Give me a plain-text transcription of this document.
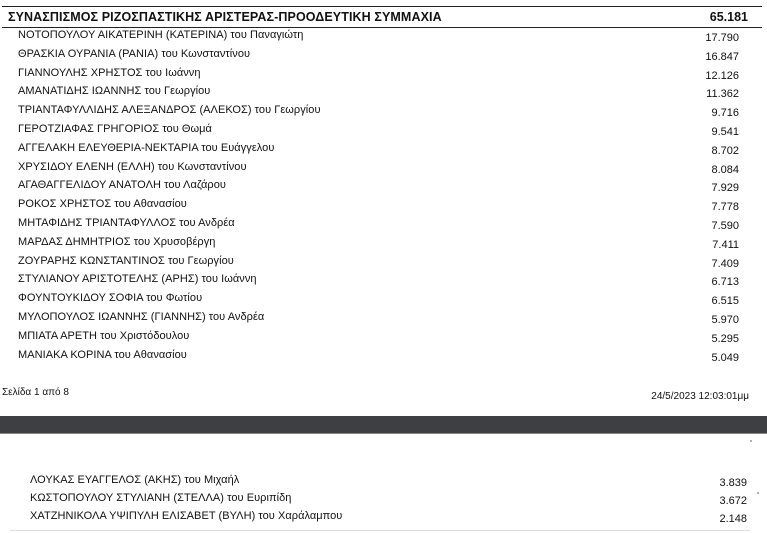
ΣΥΝΑΣΠΙΣΜΟΣ ΡΙΖΟΣΠΑΣΤΙΚΗΣ ΑΡΙΣΤΕΡΑΣ-ΠΡΟΟΔΕΥΤΙΚΗ ΣΥΜΜΑΧΙΑ	65.181
ΝΟΤΟΠΟΥΛΟΥ ΑΙΚΑΤΕΡΙΝΗ (ΚΑΤΕΡΙΝΑ) του Παναγιώτη	17.790
ΘΡΑΣΚΙΑ ΟΥΡΑΝΙΑ (ΡΑΝΙΑ) του Κωνσταντίνου	16.847
ΓΙΑΝΝΟΥΛΗΣ ΧΡΗΣΤΟΣ του Ιωάννη	12.126
ΑΜΑΝΑΤΙΔΗΣ ΙΩΑΝΝΗΣ του Γεωργίου	11.362
ΤΡΙΑΝΤΑΦΥΛΛΙΔΗΣ ΑΛΕΞΑΝΔΡΟΣ (ΑΛΕΚΟΣ) του Γεωργίου	9.716
ΓΕΡΟΤΖΙΑΦΑΣ ΓΡΗΓΟΡΙΟΣ του Θωμά	9.541
ΑΓΓΕΛΑΚΗ ΕΛΕΥΘΕΡΙΑ-ΝΕΚΤΑΡΙΑ του Ευάγγελου	8.702
ΧΡΥΣΙΔΟΥ ΕΛΕΝΗ (ΕΛΛΗ) του Κωνσταντίνου	8.084
ΑΓΑΘΑΓΓΕΛΙΔΟΥ ΑΝΑΤΟΛΗ του Λαζάρου	7.929
ΡΟΚΟΣ ΧΡΗΣΤΟΣ του Αθανασίου	7.778
ΜΗΤΑΦΙΔΗΣ ΤΡΙΑΝΤΑΦΥΛΛΟΣ του Ανδρέα	7.590
ΜΑΡΔΑΣ ΔΗΜΗΤΡΙΟΣ του Χρυσοβέργη	7.411
ΖΟΥΡΑΡΗΣ ΚΩΝΣΤΑΝΤΙΝΟΣ του Γεωργίου	7.409
ΣΤΥΛΙΑΝΟΥ ΑΡΙΣΤΟΤΕΛΗΣ (ΑΡΗΣ) του Ιωάννη	6.713
ΦΟΥΝΤΟΥΚΙΔΟΥ ΣΟΦΙΑ του Φωτίου	6.515
ΜΥΛΟΠΟΥΛΟΣ ΙΩΑΝΝΗΣ (ΓΙΑΝΝΗΣ) του Ανδρέα	5.970
ΜΠΙΑΤΑ ΑΡΕΤΗ του Χριστόδουλου	5.295
ΜΑΝΙΑΚΑ ΚΟΡΙΝΑ του Αθανασίου	5.049
Σελίδα 1 από 8	24/5/2023 12:03:01μμ
ΛΟΥΚΑΣ ΕΥΑΓΓΕΛΟΣ (ΑΚΗΣ) του Μιχαήλ	3.839
ΚΩΣΤΟΠΟΥΛΟΥ ΣΤΥΛΙΑΝΗ (ΣΤΕΛΛΑ) του Ευριπίδη	3.672
ΧΑΤΖΗΝΙΚΟΛΑ ΥΨΙΠΥΛΗ ΕΛΙΣΑΒΕΤ (ΒΥΛΗ) του Χαράλαμπου	2.148
